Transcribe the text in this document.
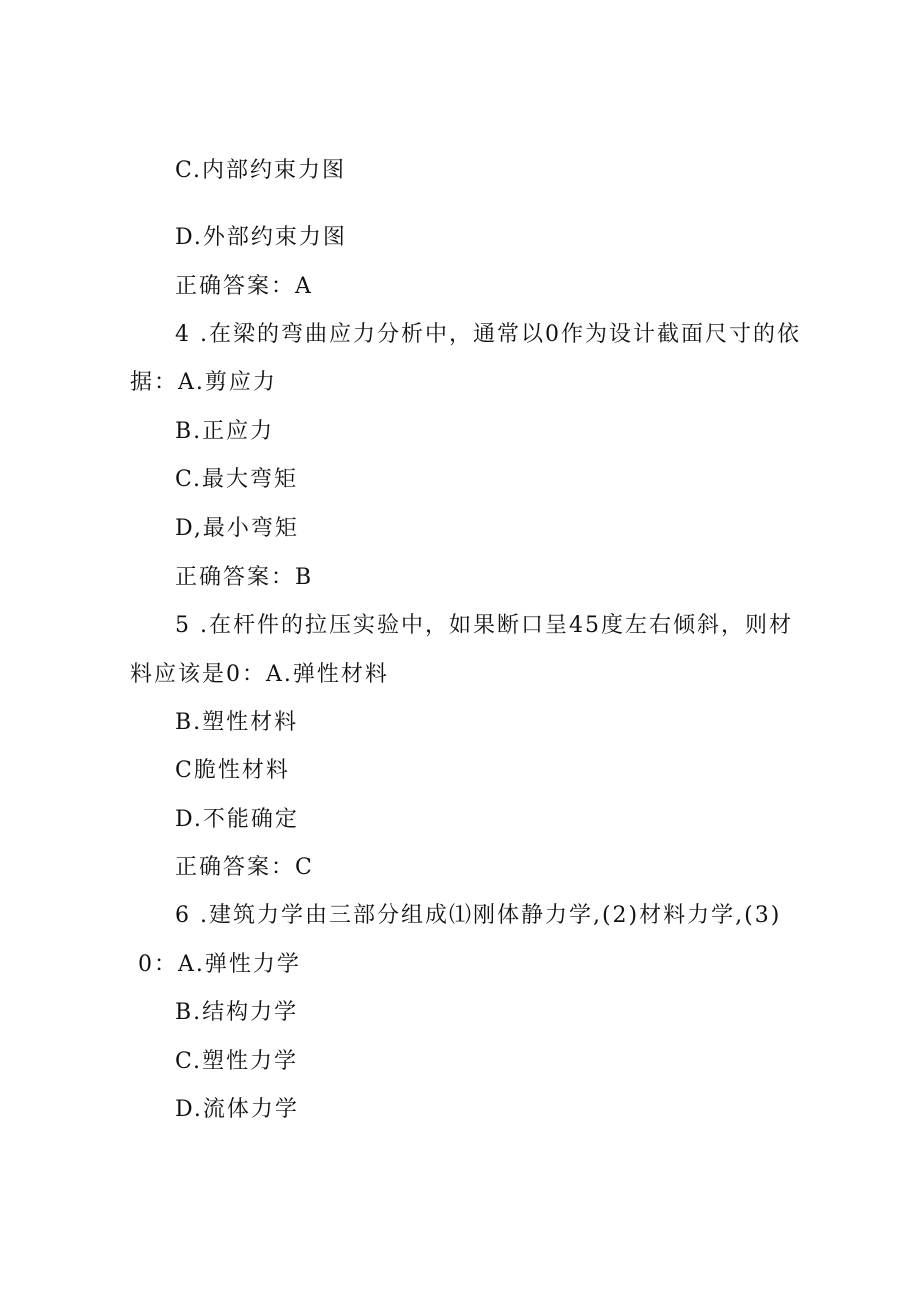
C.内部约束力图
D.外部约束力图
正确答案：A
4 .在梁的弯曲应力分析中，通常以0作为设计截面尺寸的依
据：A.剪应力
B.正应力
C.最大弯矩
D,最小弯矩
正确答案：B
5 .在杆件的拉压实验中，如果断口呈45度左右倾斜，则材
料应该是0：A.弹性材料
B.塑性材料
C脆性材料
D.不能确定
正确答案：C
6 .建筑力学由三部分组成⑴刚体静力学,(2)材料力学,(3)
0：A.弹性力学
B.结构力学
C.塑性力学
D.流体力学
